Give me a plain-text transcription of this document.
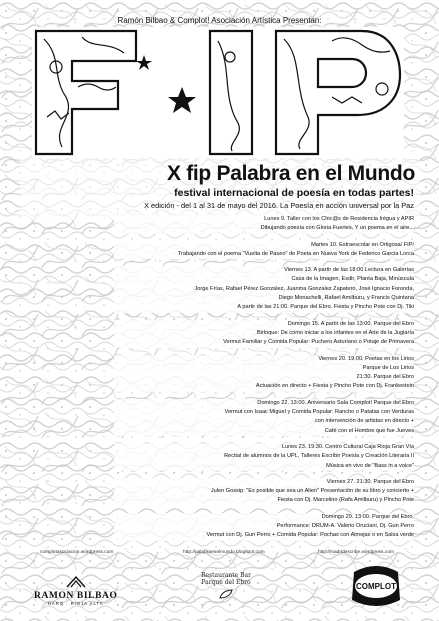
Ramón Bilbao & Complot! Asociación Artística Presentan:
X fip Palabra en el Mundo
festival internacional de poesía en todas partes!
X edición - del 1 al 31 de mayo del 2016. La Poesía en acción universal por la Paz
Lunes 9. Taller con los Chic@s de Residencia Irégua y APIR
Dibujando poesía con Gloria Fuertes, Y un poema en el aire...
Martes 10. Extraescolar en Ortigosa/ FIP/
Trabajando con el poema "Vuelta de Paseo" de Poeta en Nueva York de Federico Garcia Lorca
Viernes 13. A partir de las 18:00 Lectura en Galerías
Casa de la Imagen, Esdir, Planta Baja, Minúscula
Jorge Frías, Rafael Pérez Gonzalez, Juanma Gonzalez Zapatero, José Ignacio Foronda,
Diego Monachelli, Rafael Amilburu, y Francis Quintana
A partir de las 21:00. Parque del Ebro. Fiesta y Pincho Pote con Dj. Tiki
Domingo 15. A partir de las 13:00. Parque del Ebro
Birloque: De como iniciar a los infantes en el Arte de la Juglaría
Vermut Familiar y Comida Popular: Puchero Asturiano o Potaje de Primavera
Viernes 20. 19:00. Poetas en los Lirios
Parque de Los Lirios
21:30. Parque del Ebro
Actuación en directo + Fiesta y Pincho Pote con Dj. Frankestein
Domingo 22. 13:00. Aniversario Sala Complot! Parque del Ebro
Vermut con Isaac Miguel y Comida Popular: Rancho o Patatas con Verduras
con intervención de artistas en directo +
Café con el Hombre que fue Jueves
Lunes 23. 19:30. Centro Cultural Caja Rioja Gran Vía
Recital de alumnos de la UPL, Talleres Escribir Poesía y Creación Literaria II
Música en vivo de "Bass in a voice"
Viernes 27. 21:30. Parque del Ebro
Julen Gossip: "Es posible que sea un Alien" Presentación de su libro y concierto +
Fiesta con Dj. Marcelino (Rafa Amilburu) y Pincho Pote
Domingo 29. 13:00. Parque del Ebro.
Performance: DRUM-A. Valerio Oruciani, Dj. Gun Perro
Vermut con Dj. Gun Perro + Comida Popular: Pochas con Almejas o en Salsa verde
complotasociacion.wordpress.com	http://palabraenelmundo.blogspot.com	http://madridescribe.wordpress.com
RAMON BILBAO
HARO · RIOJA ALTA
Restaurante Bar
Parque del Ebro	COMPLOT
